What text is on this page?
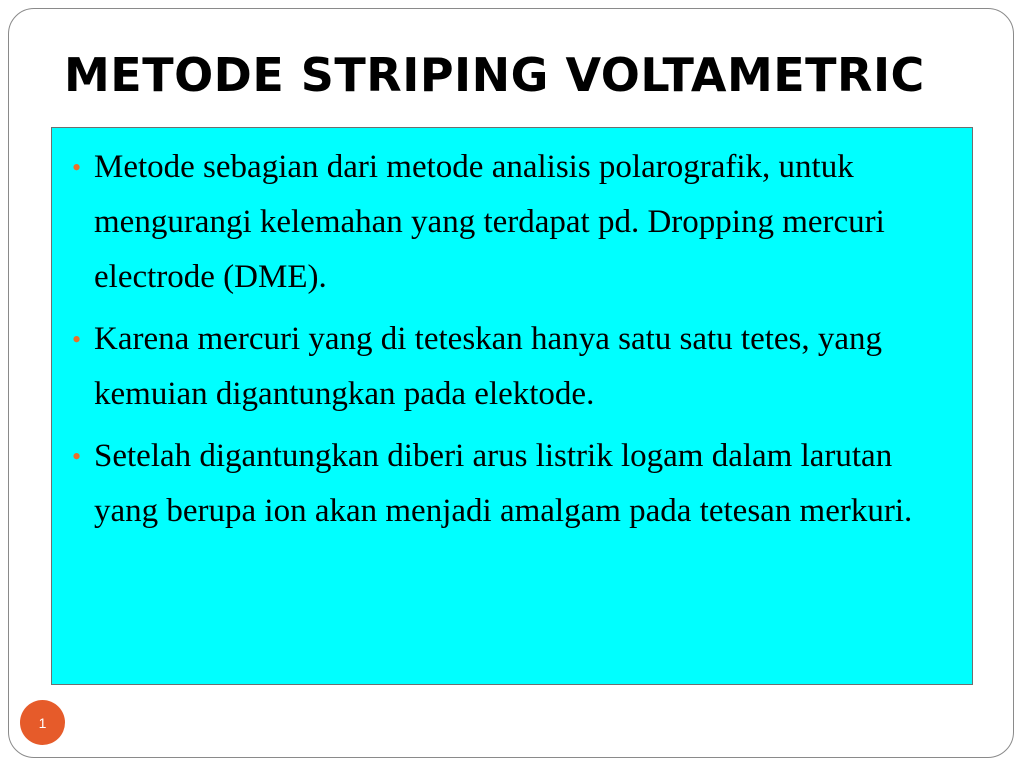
METODE STRIPING VOLTAMETRIC
• Metode sebagian dari metode analisis polarografik, untuk mengurangi kelemahan yang terdapat pd. Dropping mercuri electrode (DME).
• Karena mercuri yang di teteskan hanya satu satu tetes, yang kemuian digantungkan pada elektode.
• Setelah digantungkan diberi arus listrik logam dalam larutan yang berupa ion akan menjadi amalgam pada tetesan merkuri.
1
